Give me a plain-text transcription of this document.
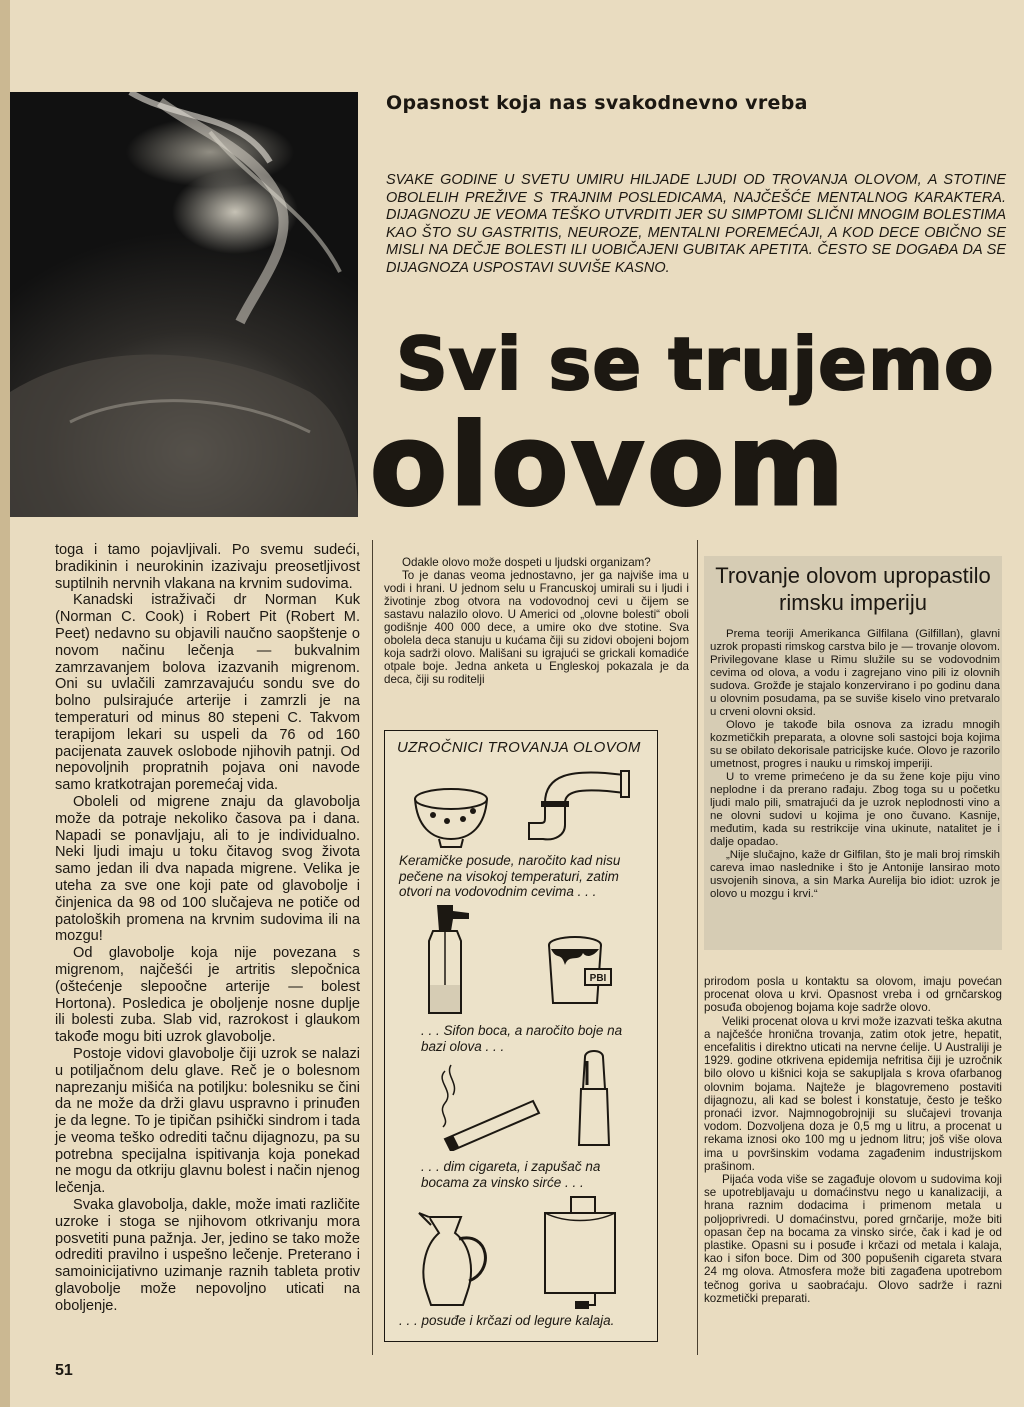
Opasnost koja nas svakodnevno vreba
SVAKE GODINE U SVETU UMIRU HILJADE LJUDI OD TROVANJA OLOVOM, A STOTINE OBOLELIH PREŽIVE S TRAJNIM POSLEDICAMA, NAJČEŠĆE MENTALNOG KARAKTERA. DIJAGNOZU JE VEOMA TEŠKO UTVRDITI JER SU SIMPTOMI SLIČNI MNOGIM BOLESTIMA KAO ŠTO SU GASTRITIS, NEUROZE, MENTALNI POREMEĆAJI, A KOD DECE OBIČNO SE MISLI NA DEČJE BOLESTI ILI UOBIČAJENI GUBITAK APETITA. ČESTO SE DOGAĐA DA SE DIJAGNOZA USPOSTAVI SUVIŠE KASNO.
Svi se trujemo
olovom

toga i tamo pojavljivali. Po svemu sudeći, bradikinin i neurokinin izazivaju preosetljivost suptilnih nervnih vlakana na krvnim sudovima.

Kanadski istraživači dr Norman Kuk (Norman C. Cook) i Robert Pit (Robert M. Peet) nedavno su objavili naučno saopštenje o novom načinu lečenja — bukvalnim zamrzavanjem bolova izazvanih migrenom. Oni su uvlačili zamrzavajuću sondu sve do bolno pulsirajuće arterije i zamrzli je na temperaturi od minus 80 stepeni C. Takvom terapijom lekari su uspeli da 76 od 160 pacijenata zauvek oslobode njihovih patnji. Od nepovoljnih propratnih pojava oni navode samo kratkotrajan poremećaj vida.

Oboleli od migrene znaju da glavobolja može da potraje nekoliko časova pa i dana. Napadi se ponavljaju, ali to je individualno. Neki ljudi imaju u toku čitavog svog života samo jedan ili dva napada migrene. Velika je uteha za sve one koji pate od glavobolje i činjenica da 98 od 100 slučajeva ne potiče od patoloških promena na krvnim sudovima ili na mozgu!

Od glavobolje koja nije povezana s migrenom, najčešći je artritis slepočnica (oštećenje slepoočne arterije — bolest Hortona). Posledica je oboljenje nosne duplje ili bolesti zuba. Slab vid, razrokost i glaukom takođe mogu biti uzrok glavobolje.

Postoje vidovi glavobolje čiji uzrok se nalazi u potiljačnom delu glave. Reč je o bolesnom naprezanju mišića na potiljku: bolesniku se čini da ne može da drži glavu uspravno i prinuđen je da legne. To je tipičan psihički sindrom i tada je veoma teško odrediti tačnu dijagnozu, pa su potrebna specijalna ispitivanja koja ponekad ne mogu da otkriju glavnu bolest i način njenog lečenja.

Svaka glavobolja, dakle, može imati različite uzroke i stoga se njihovom otkrivanju mora posvetiti puna pažnja. Jer, jedino se tako može odrediti pravilno i uspešno lečenje. Preterano i samoinicijativno uzimanje raznih tableta protiv glavobolje može nepovoljno uticati na oboljenje.

Odakle olovo može dospeti u ljudski organizam?

To je danas veoma jednostavno, jer ga najviše ima u vodi i hrani. U jednom selu u Francuskoj umirali su i ljudi i životinje zbog otvora na vodovodnoj cevi u čijem se sastavu nalazilo olovo. U Americi od „olovne bolesti“ oboli godišnje 400 000 dece, a umire oko dve stotine. Sva obolela deca stanuju u kućama čiji su zidovi obojeni bojom koja sadrži olovo. Mališani su igrajući se grickali komadiće otpale boje. Jedna anketa u Engleskoj pokazala je da deca, čiji su roditelji

UZROČNICI TROVANJA OLOVOM
Keramičke posude, naročito kad nisu pečene na visokoj temperaturi, zatim otvori na vodovodnim cevima . . .
PBI
. . . Sifon boca, a naročito boje na bazi olova . . .
. . . dim cigareta, i zapušač na bocama za vinsko sirće . . .
. . . posuđe i krčazi od legure kalaja.
Trovanje olovom upropastilo rimsku imperiju

Prema teoriji Amerikanca Gilfilana (Gilfillan), glavni uzrok propasti rimskog carstva bilo je — trovanje olovom. Privilegovane klase u Rimu služile su se vodovodnim cevima od olova, a vodu i zagrejano vino pili iz olovnih sudova. Grožđe je stajalo konzervirano i po godinu dana u olovnim posudama, pa se suviše kiselo vino pretvaralo u crveni olovni oksid.

Olovo je takođe bila osnova za izradu mnogih kozmetičkih preparata, a olovne soli sastojci boja kojima su se obilato dekorisale patricijske kuće. Olovo je razorilo umetnost, progres i nauku u rimskoj imperiji.

U to vreme primećeno je da su žene koje piju vino neplodne i da prerano rađaju. Zbog toga su u početku ljudi malo pili, smatrajući da je uzrok neplodnosti vino a ne olovni sudovi u kojima je ono čuvano. Kasnije, međutim, kada su restrikcije vina ukinute, natalitet je i dalje opadao.

„Nije slučajno, kaže dr Gilfilan, što je mali broj rimskih careva imao naslednike i što je Antonije lansirao moto usvojenih sinova, a sin Marka Aurelija bio idiot: uzrok je olovo u mozgu i krvi.“

prirodom posla u kontaktu sa olovom, imaju povećan procenat olova u krvi. Opasnost vreba i od grnčarskog posuđa obojenog bojama koje sadrže olovo.

Veliki procenat olova u krvi može izazvati teška akutna a najčešće hronična trovanja, zatim otok jetre, hepatit, encefalitis i direktno uticati na nervne ćelije. U Australiji je 1929. godine otkrivena epidemija nefritisa čiji je uzročnik bilo olovo u kišnici koja se sakupljala s krova ofarbanog olovnim bojama. Najteže je blagovremeno postaviti dijagnozu, ali kad se bolest i konstatuje, često je teško pronaći izvor. Najmnogobrojniji su slučajevi trovanja vodom. Dozvoljena doza je 0,5 mg u litru, a procenat u rekama iznosi oko 100 mg u jednom litru; još više olova ima u površinskim vodama zagađenim industrijskom prašinom.

Pijaća voda više se zagađuje olovom u sudovima koji se upotrebljavaju u domaćinstvu nego u kanalizaciji, a hrana raznim dodacima i primenom metala u poljoprivredi. U domaćinstvu, pored grnčarije, može biti opasan čep na bocama za vinsko sirće, čak i kad je od plastike. Opasni su i posuđe i krčazi od metala i kalaja, kao i sifon boce. Dim od 300 popušenih cigareta stvara 24 mg olova. Atmosfera može biti zagađena upotrebom tečnog goriva u saobraćaju. Olovo sadrže i razni kozmetički preparati.

51
